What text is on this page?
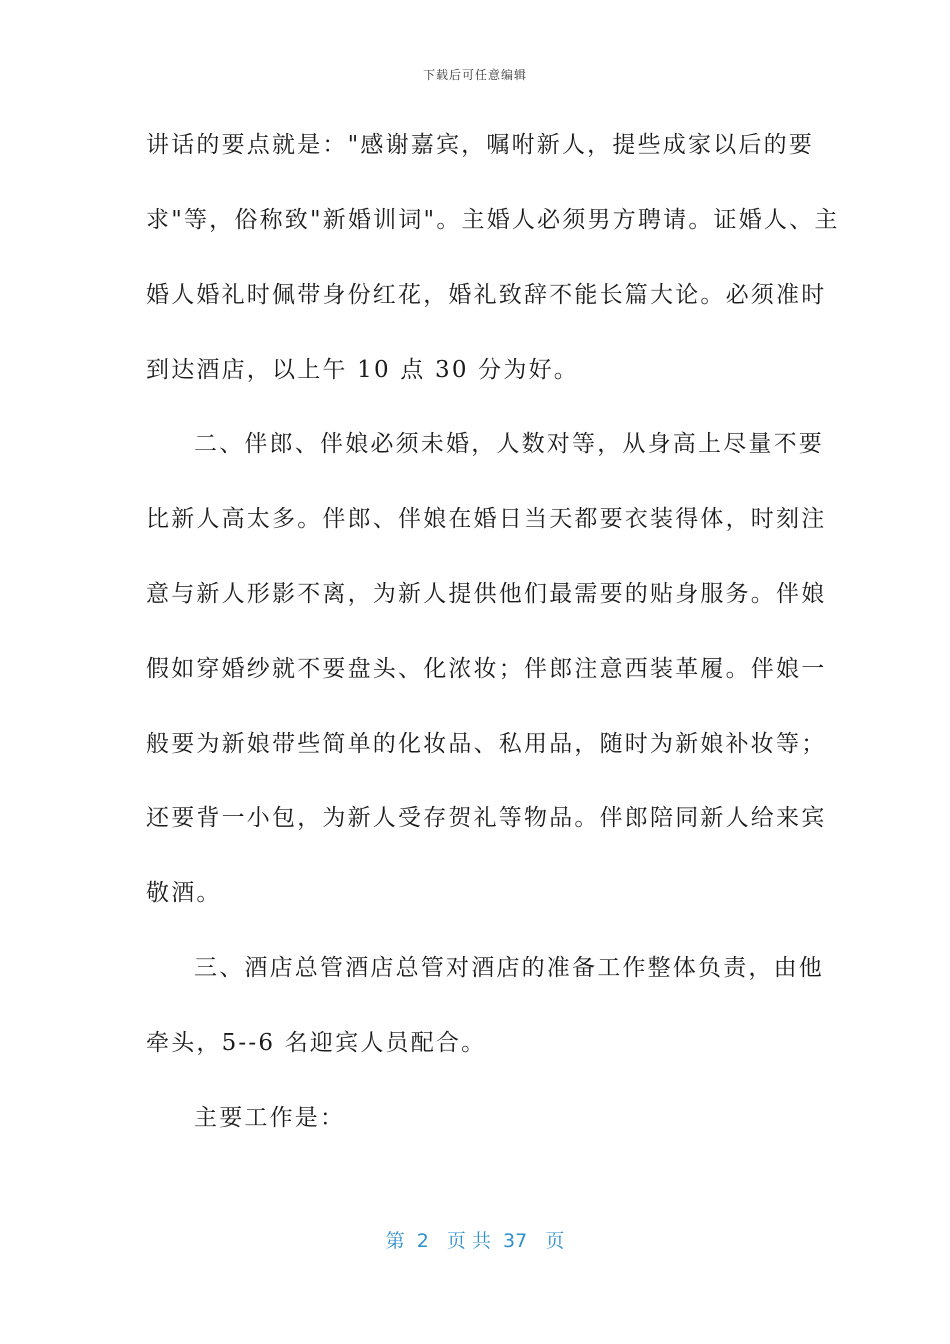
下载后可任意编辑
讲话的要点就是："感谢嘉宾，嘱咐新人，提些成家以后的要
求"等，俗称致"新婚训词"。主婚人必须男方聘请。证婚人、主
婚人婚礼时佩带身份红花，婚礼致辞不能长篇大论。必须准时
到达酒店，以上午 10 点 30 分为好。
二、伴郎、伴娘必须未婚，人数对等，从身高上尽量不要
比新人高太多。伴郎、伴娘在婚日当天都要衣装得体，时刻注
意与新人形影不离，为新人提供他们最需要的贴身服务。伴娘
假如穿婚纱就不要盘头、化浓妆；伴郎注意西装革履。伴娘一
般要为新娘带些简单的化妆品、私用品，随时为新娘补妆等；
还要背一小包，为新人受存贺礼等物品。伴郎陪同新人给来宾
敬酒。
三、酒店总管酒店总管对酒店的准备工作整体负责，由他
牵头，5--6 名迎宾人员配合。
主要工作是：
第  2   页 共  37   页
